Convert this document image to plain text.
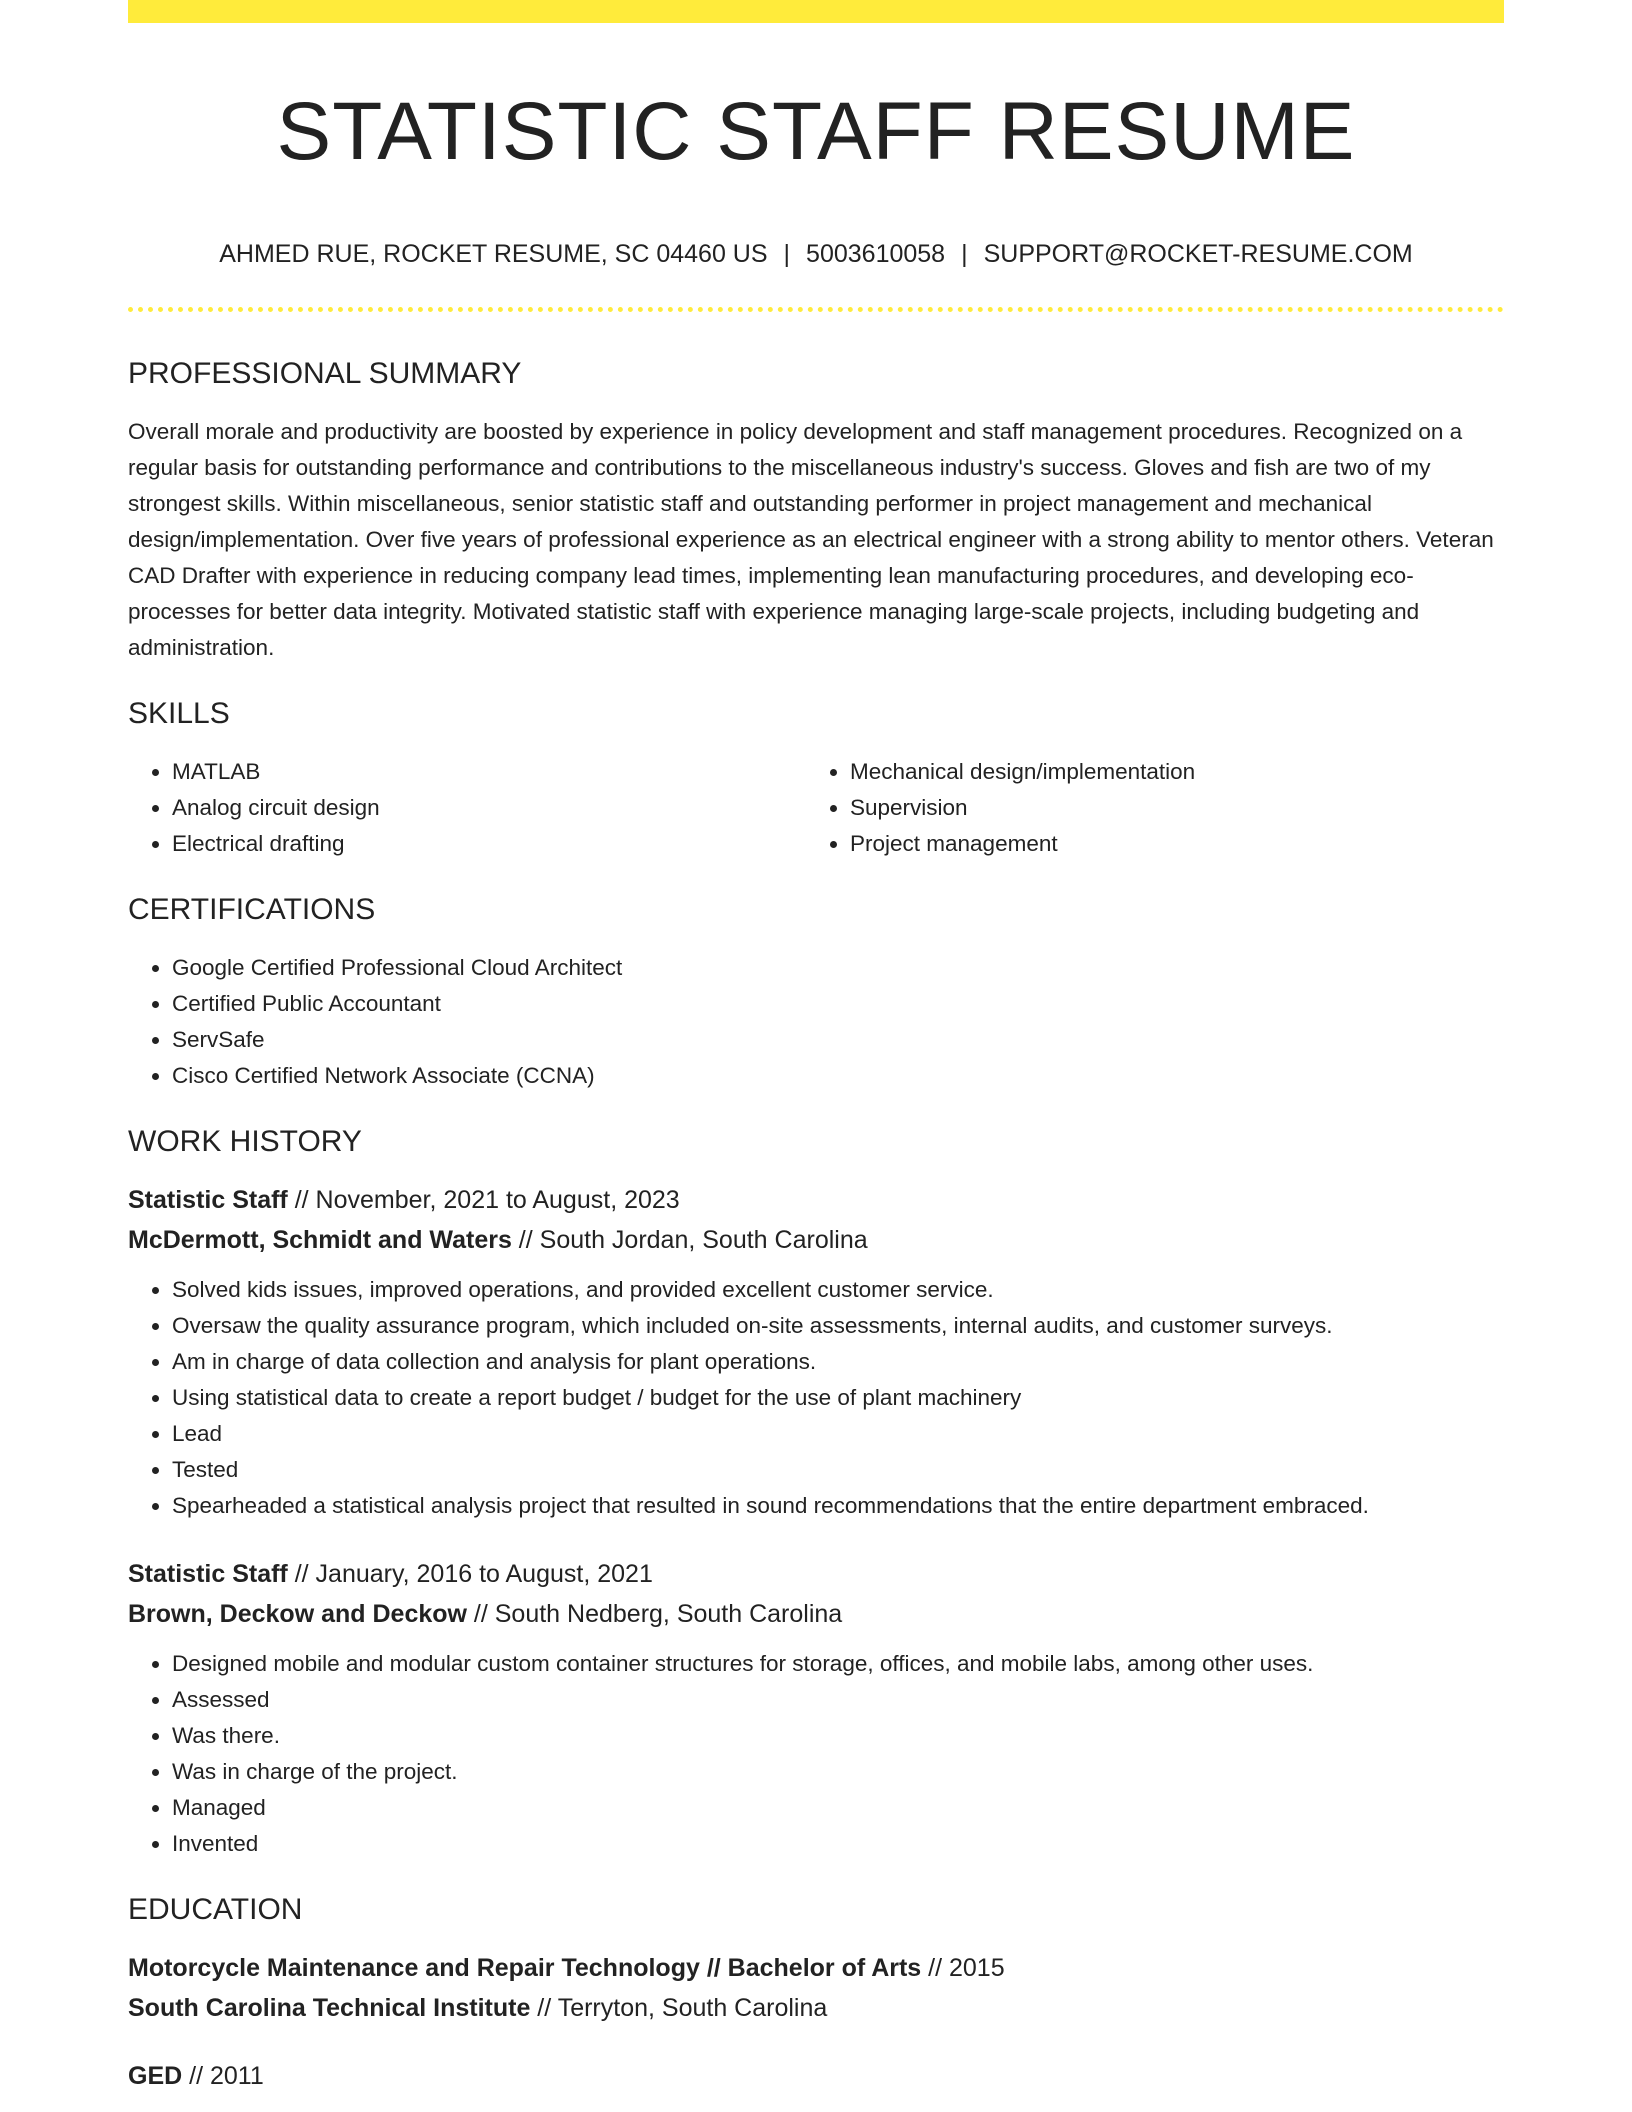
STATISTIC STAFF RESUME
AHMED RUE, ROCKET RESUME, SC 04460 US | 5003610058 | SUPPORT@ROCKET-RESUME.COM
PROFESSIONAL SUMMARY

Overall morale and productivity are boosted by experience in policy development and staff management procedures. Recognized on a regular basis for outstanding performance and contributions to the miscellaneous industry's success. Gloves and fish are two of my strongest skills. Within miscellaneous, senior statistic staff and outstanding performer in project management and mechanical design/implementation. Over five years of professional experience as an electrical engineer with a strong ability to mentor others. Veteran CAD Drafter with experience in reducing company lead times, implementing lean manufacturing procedures, and developing eco-processes for better data integrity. Motivated statistic staff with experience managing large-scale projects, including budgeting and administration.

SKILLS
• MATLAB
• Analog circuit design
• Electrical drafting
• Mechanical design/implementation
• Supervision
• Project management
CERTIFICATIONS
• Google Certified Professional Cloud Architect
• Certified Public Accountant
• ServSafe
• Cisco Certified Network Associate (CCNA)
WORK HISTORY
Statistic Staff // November, 2021 to August, 2023
McDermott, Schmidt and Waters // South Jordan, South Carolina
• Solved kids issues, improved operations, and provided excellent customer service.
• Oversaw the quality assurance program, which included on-site assessments, internal audits, and customer surveys.
• Am in charge of data collection and analysis for plant operations.
• Using statistical data to create a report budget / budget for the use of plant machinery
• Lead
• Tested
• Spearheaded a statistical analysis project that resulted in sound recommendations that the entire department embraced.
Statistic Staff // January, 2016 to August, 2021
Brown, Deckow and Deckow // South Nedberg, South Carolina
• Designed mobile and modular custom container structures for storage, offices, and mobile labs, among other uses.
• Assessed
• Was there.
• Was in charge of the project.
• Managed
• Invented
EDUCATION
Motorcycle Maintenance and Repair Technology // Bachelor of Arts // 2015
South Carolina Technical Institute // Terryton, South Carolina
GED // 2011
